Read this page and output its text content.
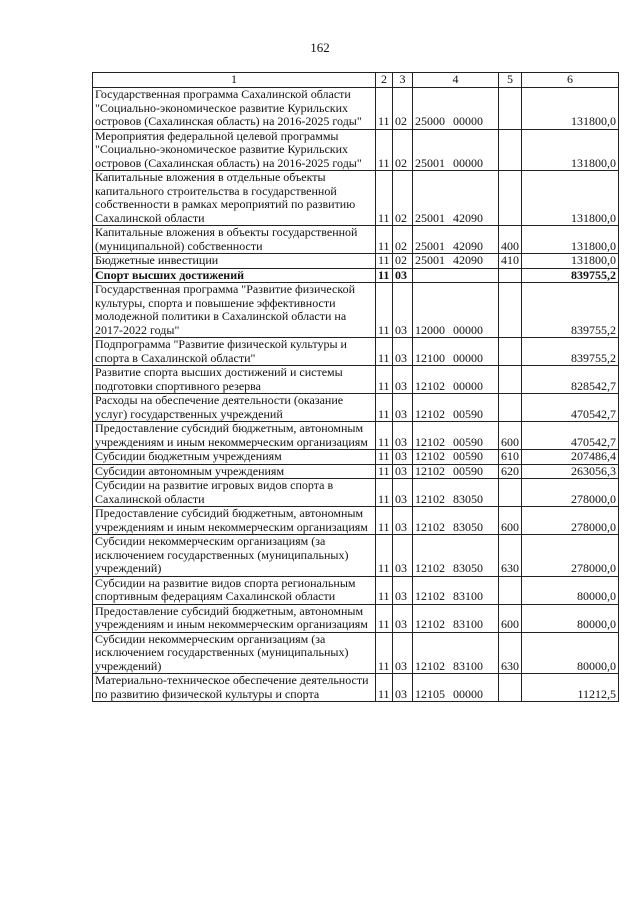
162
1	2	3	4	5	6
Государственная программа Сахалинской области "Социально-экономическое развитие Курильских островов (Сахалинская область) на 2016-2025 годы"	11	02	25000 00000		131800,0
Мероприятия федеральной целевой программы "Социально-экономическое развитие Курильских островов (Сахалинская область) на 2016-2025 годы"	11	02	25001 00000		131800,0
Капитальные вложения в отдельные объекты капитального строительства в государственной собственности в рамках мероприятий по развитию Сахалинской области	11	02	25001 42090		131800,0
Капитальные вложения в объекты государственной (муниципальной) собственности	11	02	25001 42090	400	131800,0
Бюджетные инвестиции	11	02	25001 42090	410	131800,0
Спорт высших достижений	11	03			839755,2
Государственная программа "Развитие физической культуры, спорта и повышение эффективности молодежной политики в Сахалинской области на 2017-2022 годы"	11	03	12000 00000		839755,2
Подпрограмма "Развитие физической культуры и спорта в Сахалинской области"	11	03	12100 00000		839755,2
Развитие спорта высших достижений и системы подготовки спортивного резерва	11	03	12102 00000		828542,7
Расходы на обеспечение деятельности (оказание услуг) государственных учреждений	11	03	12102 00590		470542,7
Предоставление субсидий бюджетным, автономным учреждениям и иным некоммерческим организациям	11	03	12102 00590	600	470542,7
Субсидии бюджетным учреждениям	11	03	12102 00590	610	207486,4
Субсидии автономным учреждениям	11	03	12102 00590	620	263056,3
Субсидии на развитие игровых видов спорта в Сахалинской области	11	03	12102 83050		278000,0
Предоставление субсидий бюджетным, автономным учреждениям и иным некоммерческим организациям	11	03	12102 83050	600	278000,0
Субсидии некоммерческим организациям (за исключением государственных (муниципальных) учреждений)	11	03	12102 83050	630	278000,0
Субсидии на развитие видов спорта региональным спортивным федерациям Сахалинской области	11	03	12102 83100		80000,0
Предоставление субсидий бюджетным, автономным учреждениям и иным некоммерческим организациям	11	03	12102 83100	600	80000,0
Субсидии некоммерческим организациям (за исключением государственных (муниципальных) учреждений)	11	03	12102 83100	630	80000,0
Материально-техническое обеспечение деятельности по развитию физической культуры и спорта	11	03	12105 00000		11212,5
